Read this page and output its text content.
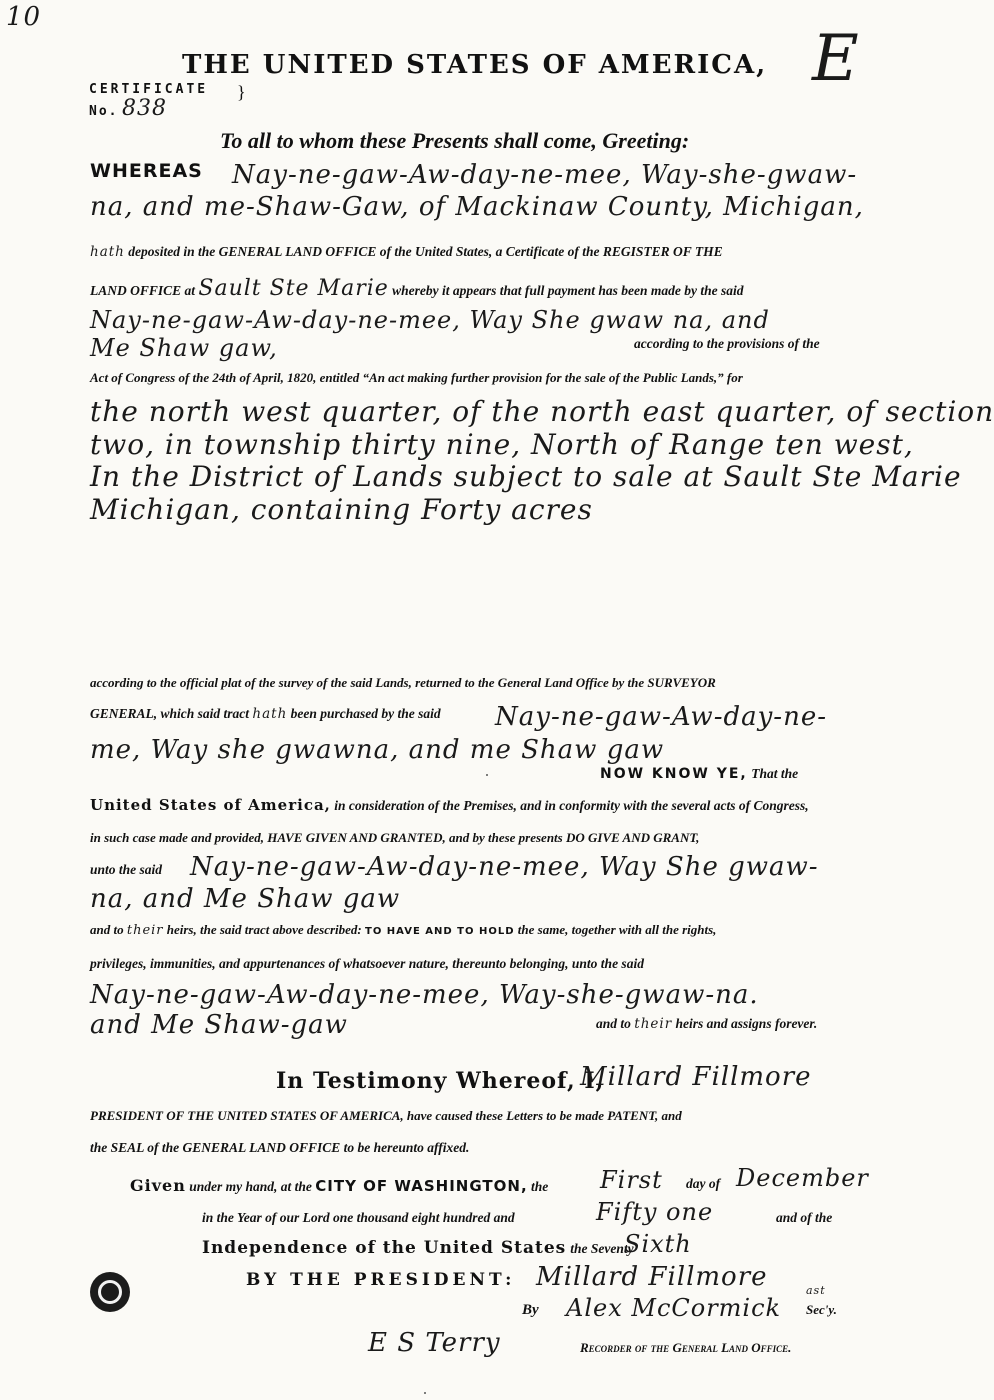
10
E
THE UNITED STATES OF AMERICA,
CERTIFICATE }
No. 838
To all to whom these Presents shall come, Greeting:
WHEREAS Nay-ne-gaw-Aw-day-ne-mee, Way-she-gwaw-
na, and me-Shaw-Gaw, of Mackinaw County, Michigan,
hath deposited in the GENERAL LAND OFFICE of the United States, a Certificate of the REGISTER OF THE
LAND OFFICE at Sault Ste Marie whereby it appears that full payment has been made by the said
Nay-ne-gaw-Aw-day-ne-mee, Way She gwaw na, and
Me Shaw gaw,	according to the provisions of the
Act of Congress of the 24th of April, 1820, entitled “An act making further provision for the sale of the Public Lands,” for
the north west quarter, of the north east quarter, of section
two, in township thirty nine, North of Range ten west,
In the District of Lands subject to sale at Sault Ste Marie
Michigan, containing Forty acres
according to the official plat of the survey of the said Lands, returned to the General Land Office by the SURVEYOR
GENERAL, which said tract hath been purchased by the said Nay-ne-gaw-Aw-day-ne-
me, Way she gwawna, and me Shaw gaw
NOW KNOW YE, That the
United States of America, in consideration of the Premises, and in conformity with the several acts of Congress,
in such case made and provided, HAVE GIVEN AND GRANTED, and by these presents DO GIVE AND GRANT,
unto the said Nay-ne-gaw-Aw-day-ne-mee, Way She gwaw-
na, and Me Shaw gaw
and to their heirs, the said tract above described: TO HAVE AND TO HOLD the same, together with all the rights,
privileges, immunities, and appurtenances of whatsoever nature, thereunto belonging, unto the said
Nay-ne-gaw-Aw-day-ne-mee, Way-she-gwaw-na.
and Me Shaw-gaw	and to their heirs and assigns forever.
In Testimony Whereof, I,
Millard Fillmore
PRESIDENT OF THE UNITED STATES OF AMERICA, have caused these Letters to be made PATENT, and
the SEAL of the GENERAL LAND OFFICE to be hereunto affixed.
Given under my hand, at the CITY OF WASHINGTON, the First day of December
in the Year of our Lord one thousand eight hundred and	Fifty one	and of the
Independence of the United States the Seventy
Sixth
BY THE PRESIDENT: Millard Fillmore
By Alex McCormick
ast
Sec'y.
E S Terry	Recorder of the General Land Office.
